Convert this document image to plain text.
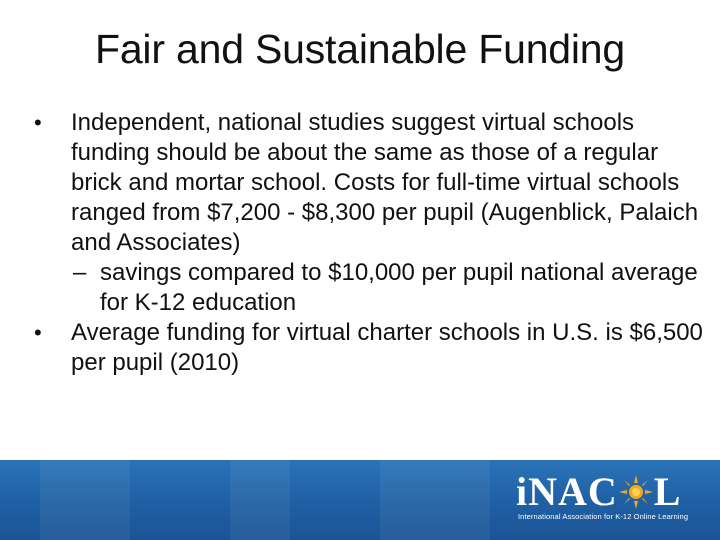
Fair and Sustainable Funding
•	Independent, national studies suggest virtual schools funding should be about the same as those of a regular brick and mortar school. Costs for full-time virtual schools ranged from $7,200 - $8,300 per pupil (Augenblick, Palaich and Associates)
– savings compared to $10,000 per pupil national average for K-12 education
•	Average funding for virtual charter schools in U.S. is $6,500 per pupil (2010)
iNAC L
International Association for K-12 Online Learning
